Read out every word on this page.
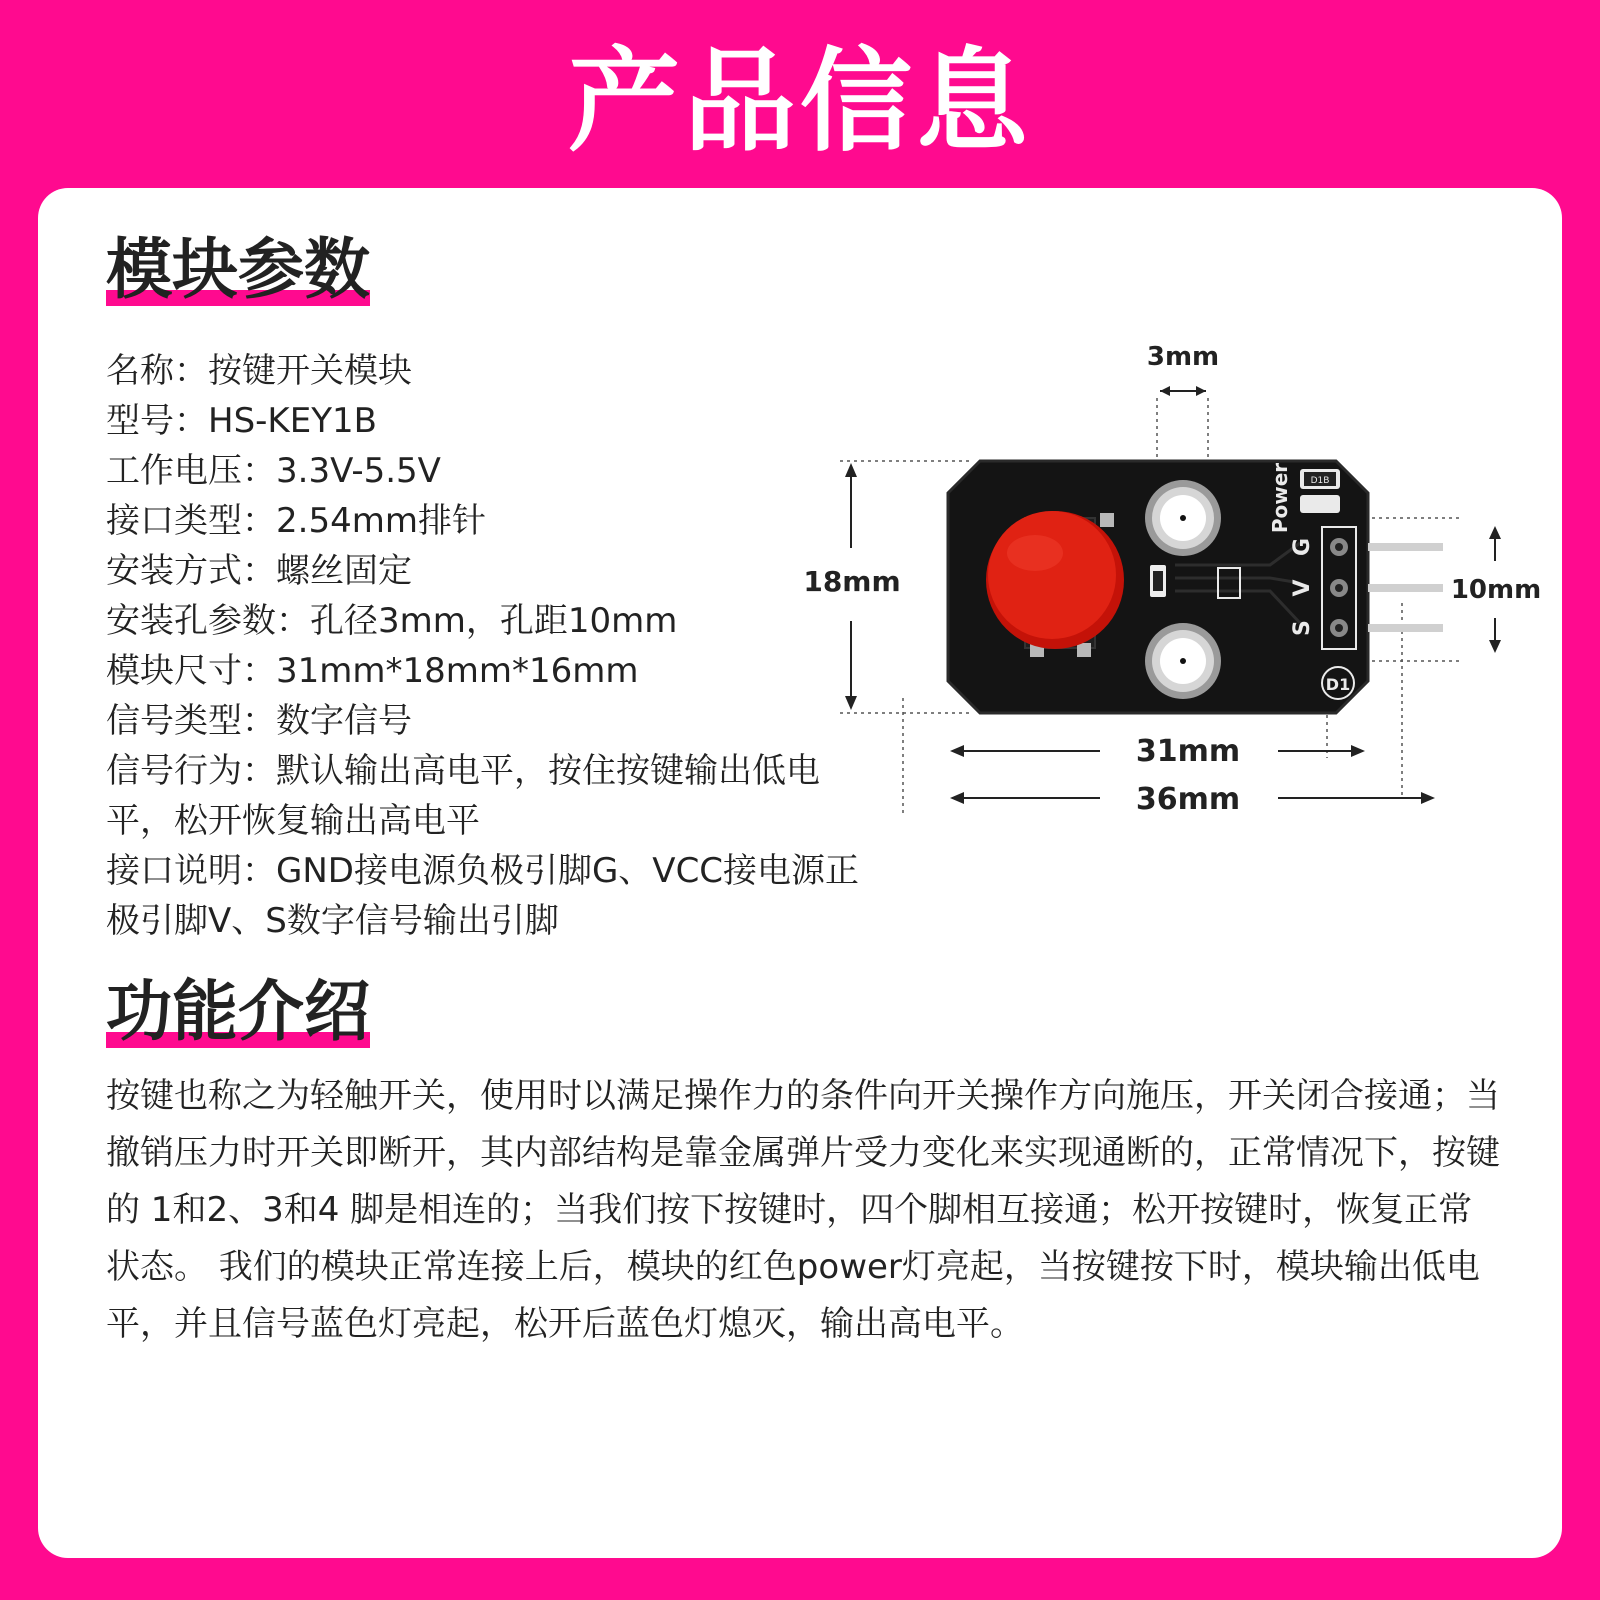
产品信息
模块参数

名称：按键开关模块

型号：HS-KEY1B

工作电压：3.3V-5.5V

接口类型：2.54mm排针

安装方式：螺丝固定

安装孔参数：孔径3mm，孔距10mm

模块尺寸：31mm*18mm*16mm

信号类型：数字信号

信号行为：默认输出高电平，按住按键输出低电平，松开恢复输出高电平

接口说明：GND接电源负极引脚G、VCC接电源正极引脚V、S数字信号输出引脚

3mm
18mm	10mm
31mm
36mm
D1B
Power
G
V
S
D1
功能介绍

按键也称之为轻触开关，使用时以满足操作力的条件向开关操作方向施压，开关闭合接通；当撤销压力时开关即断开，其内部结构是靠金属弹片受力变化来实现通断的，正常情况下，按键的 1和2、3和4 脚是相连的；当我们按下按键时，四个脚相互接通；松开按键时，恢复正常状态。 我们的模块正常连接上后，模块的红色power灯亮起，当按键按下时，模块输出低电平，并且信号蓝色灯亮起，松开后蓝色灯熄灭，输出高电平。
